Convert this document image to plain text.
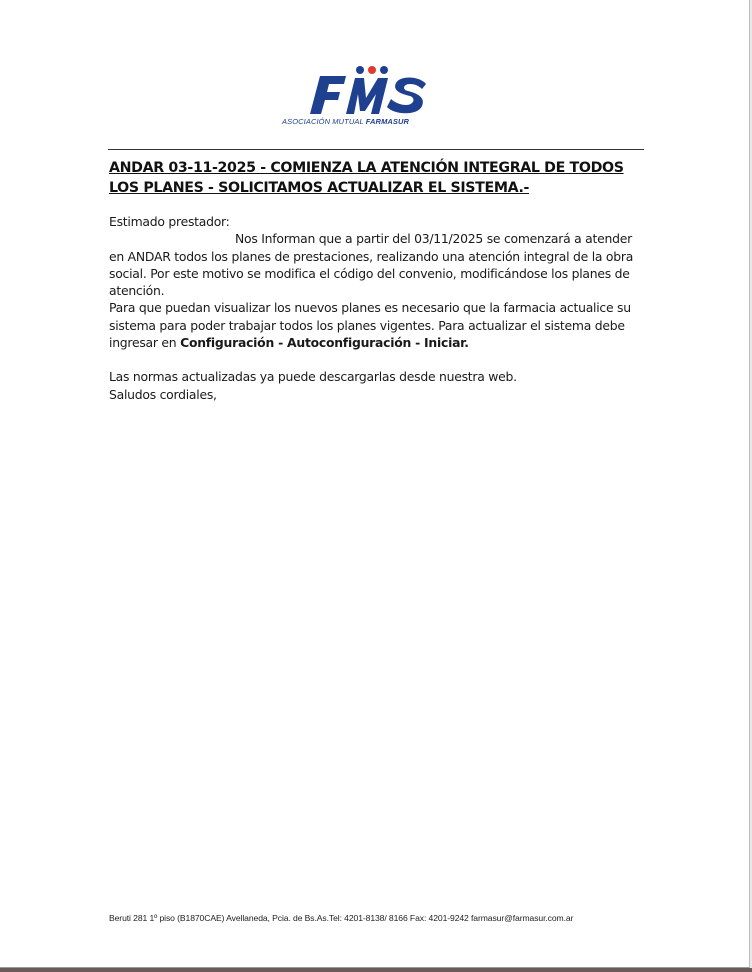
ASOCIACIÓN MUTUAL FARMASUR
ANDAR 03-11-2025 - COMIENZA LA ATENCIÓN INTEGRAL DE TODOS LOS PLANES - SOLICITAMOS ACTUALIZAR EL SISTEMA.-

Estimado prestador:

Nos Informan que a partir del 03/11/2025 se comenzará a atender en ANDAR todos los planes de prestaciones, realizando una atención integral de la obra social. Por este motivo se modifica el código del convenio, modificándose los planes de atención.

Para que puedan visualizar los nuevos planes es necesario que la farmacia actualice su sistema para poder trabajar todos los planes vigentes. Para actualizar el sistema debe ingresar en Configuración - Autoconfiguración - Iniciar.

Las normas actualizadas ya puede descargarlas desde nuestra web.

Saludos cordiales,

Beruti 281 1º piso (B1870CAE) Avellaneda, Pcia. de Bs.As.Tel: 4201-8138/ 8166 Fax: 4201-9242 farmasur@farmasur.com.ar
